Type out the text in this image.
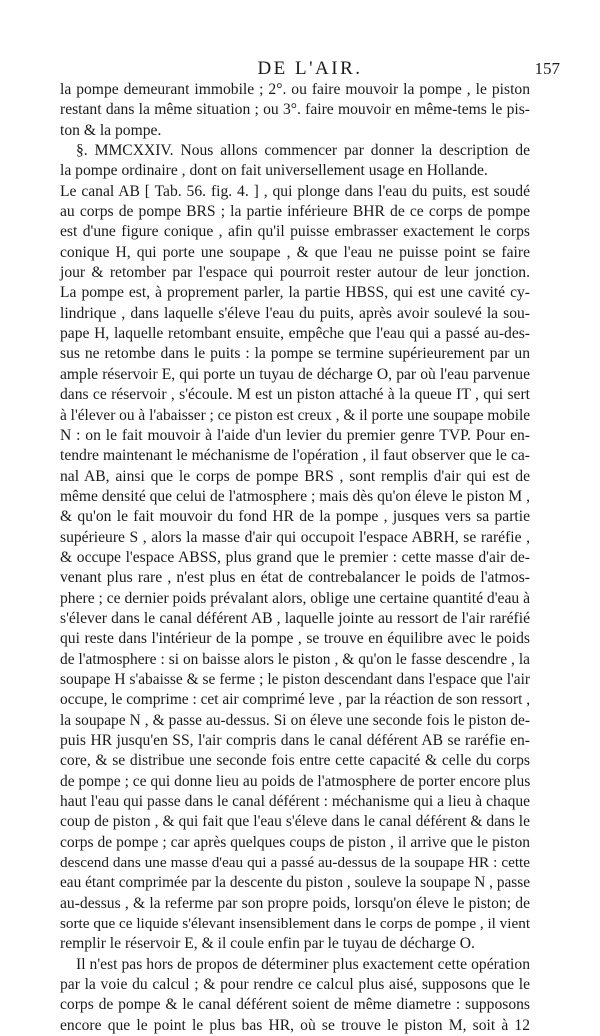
DE L'AIR.	157
la pompe demeurant immobile ; 2°. ou faire mouvoir la pompe , le piston
restant dans la même situation ; ou 3°. faire mouvoir en même-tems le pis-
ton & la pompe.
§. MMCXXIV. Nous allons commencer par donner la description de
la pompe ordinaire , dont on fait universellement usage en Hollande.
Le canal AB [ Tab. 56. fig. 4. ] , qui plonge dans l'eau du puits, est soudé
au corps de pompe BRS ; la partie inférieure BHR de ce corps de pompe
est d'une figure conique , afin qu'il puisse embrasser exactement le corps
conique H, qui porte une soupape , & que l'eau ne puisse point se faire
jour & retomber par l'espace qui pourroit rester autour de leur jonction.
La pompe est, à proprement parler, la partie HBSS, qui est une cavité cy-
lindrique , dans laquelle s'éleve l'eau du puits, après avoir soulevé la sou-
pape H, laquelle retombant ensuite, empêche que l'eau qui a passé au-des-
sus ne retombe dans le puits : la pompe se termine supérieurement par un
ample réservoir E, qui porte un tuyau de décharge O, par où l'eau parvenue
dans ce réservoir , s'écoule. M est un piston attaché à la queue IT , qui sert
à l'élever ou à l'abaisser ; ce piston est creux , & il porte une soupape mobile
N : on le fait mouvoir à l'aide d'un levier du premier genre TVP. Pour en-
tendre maintenant le méchanisme de l'opération , il faut observer que le ca-
nal AB, ainsi que le corps de pompe BRS , sont remplis d'air qui est de
même densité que celui de l'atmosphere ; mais dès qu'on éleve le piston M ,
& qu'on le fait mouvoir du fond HR de la pompe , jusques vers sa partie
supérieure S , alors la masse d'air qui occupoit l'espace ABRH, se raréfie ,
& occupe l'espace ABSS, plus grand que le premier : cette masse d'air de-
venant plus rare , n'est plus en état de contrebalancer le poids de l'atmos-
phere ; ce dernier poids prévalant alors, oblige une certaine quantité d'eau à
s'élever dans le canal déférent AB , laquelle jointe au ressort de l'air raréfié
qui reste dans l'intérieur de la pompe , se trouve en équilibre avec le poids
de l'atmosphere : si on baisse alors le piston , & qu'on le fasse descendre , la
soupape H s'abaisse & se ferme ; le piston descendant dans l'espace que l'air
occupe, le comprime : cet air comprimé leve , par la réaction de son ressort ,
la soupape N , & passe au-dessus. Si on éleve une seconde fois le piston de-
puis HR jusqu'en SS, l'air compris dans le canal déférent AB se raréfie en-
core, & se distribue une seconde fois entre cette capacité & celle du corps
de pompe ; ce qui donne lieu au poids de l'atmosphere de porter encore plus
haut l'eau qui passe dans le canal déférent : méchanisme qui a lieu à chaque
coup de piston , & qui fait que l'eau s'éleve dans le canal déférent & dans le
corps de pompe ; car après quelques coups de piston , il arrive que le piston
descend dans une masse d'eau qui a passé au-dessus de la soupape HR : cette
eau étant comprimée par la descente du piston , souleve la soupape N , passe
au-dessus , & la referme par son propre poids, lorsqu'on éleve le piston; de
sorte que ce liquide s'élevant insensiblement dans le corps de pompe , il vient
remplir le réservoir E, & il coule enfin par le tuyau de décharge O.
Il n'est pas hors de propos de déterminer plus exactement cette opération
par la voie du calcul ; & pour rendre ce calcul plus aisé, supposons que le
corps de pompe & le canal déférent soient de même diametre : supposons
encore que le point le plus bas HR, où se trouve le piston M, soit à 12
